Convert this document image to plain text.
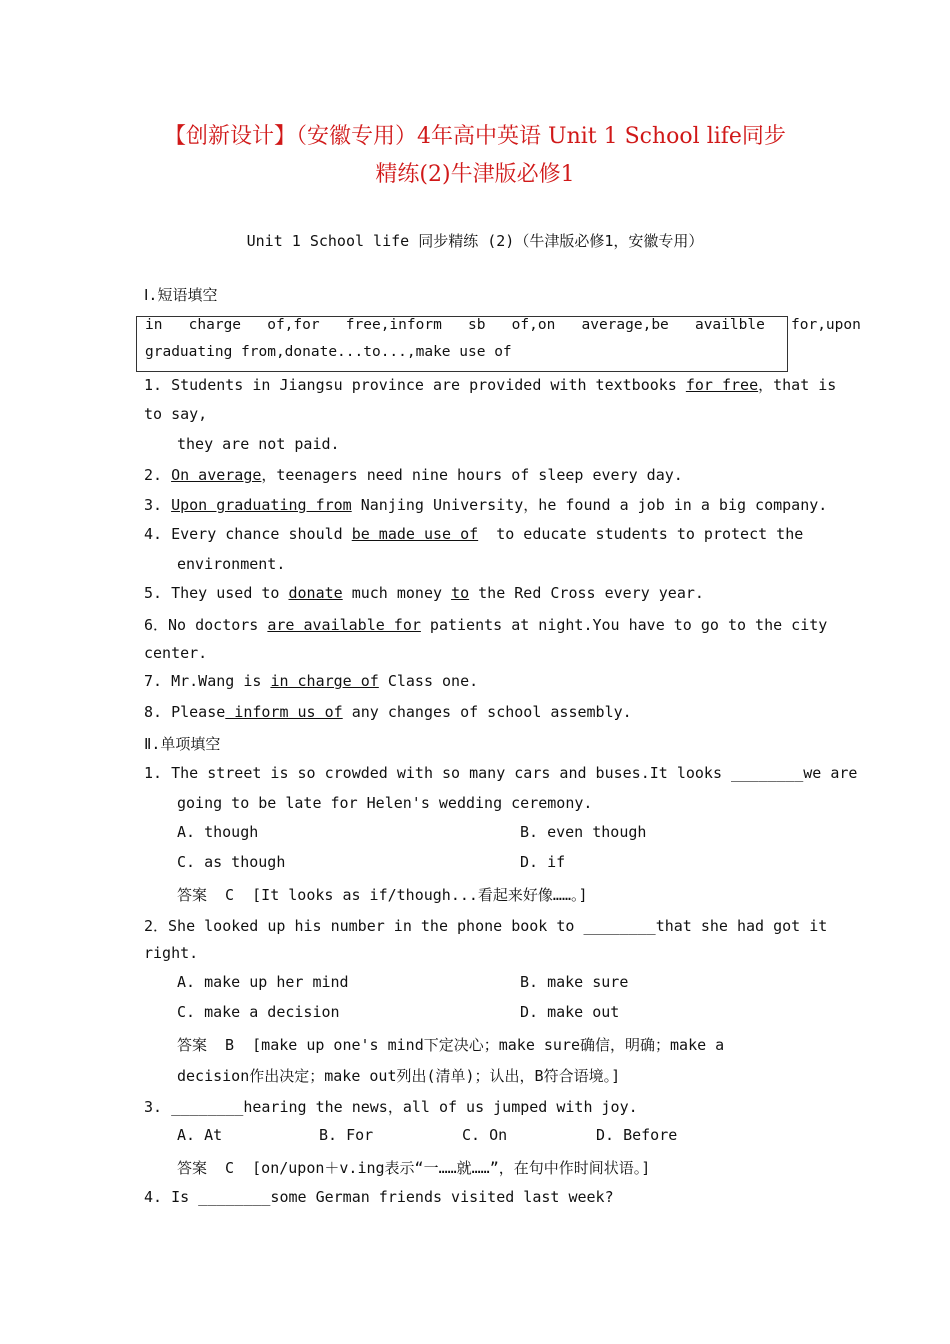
【创新设计】（安徽专用）4年高中英语 Unit 1 School life同步
精练(2)牛津版必修1
Unit 1 School life 同步精练 (2)（牛津版必修1，安徽专用）
Ⅰ.短语填空
in   charge   of,for   free,inform   sb   of,on   average,be   availble   for,upon
graduating from,donate...to...,make use of
1. Students in Jiangsu province are provided with textbooks for free，that is
to say,
they are not paid.
2. On average，teenagers need nine hours of sleep every day.
3. Upon graduating from Nanjing University，he found a job in a big company.
4. Every chance should be made use of  to educate students to protect the
environment.
5. They used to donate much money to the Red Cross every year.
6．No doctors are available for patients at night.You have to go to the city
center.
7. Mr.Wang is in charge of Class one.
8. Please inform us of any changes of school assembly.
Ⅱ.单项填空
1. The street is so crowded with so many cars and buses.It looks ________we are
going to be late for Helen's wedding ceremony.
A. though	B. even though
C. as though	D. if
答案  C  [It looks as if/though...看起来好像……。]
2．She looked up his number in the phone book to ________that she had got it
right.
A. make up her mind	B. make sure
C. make a decision	D. make out
答案  B  [make up one's mind下定决心；make sure确信，明确；make a
decision作出决定；make out列出(清单)；认出，B符合语境。]
3. ________hearing the news，all of us jumped with joy.
A. At	B. For	C. On	D. Before
答案  C  [on/upon＋v.ing表示“一……就……”，在句中作时间状语。]
4. Is ________some German friends visited last week?
